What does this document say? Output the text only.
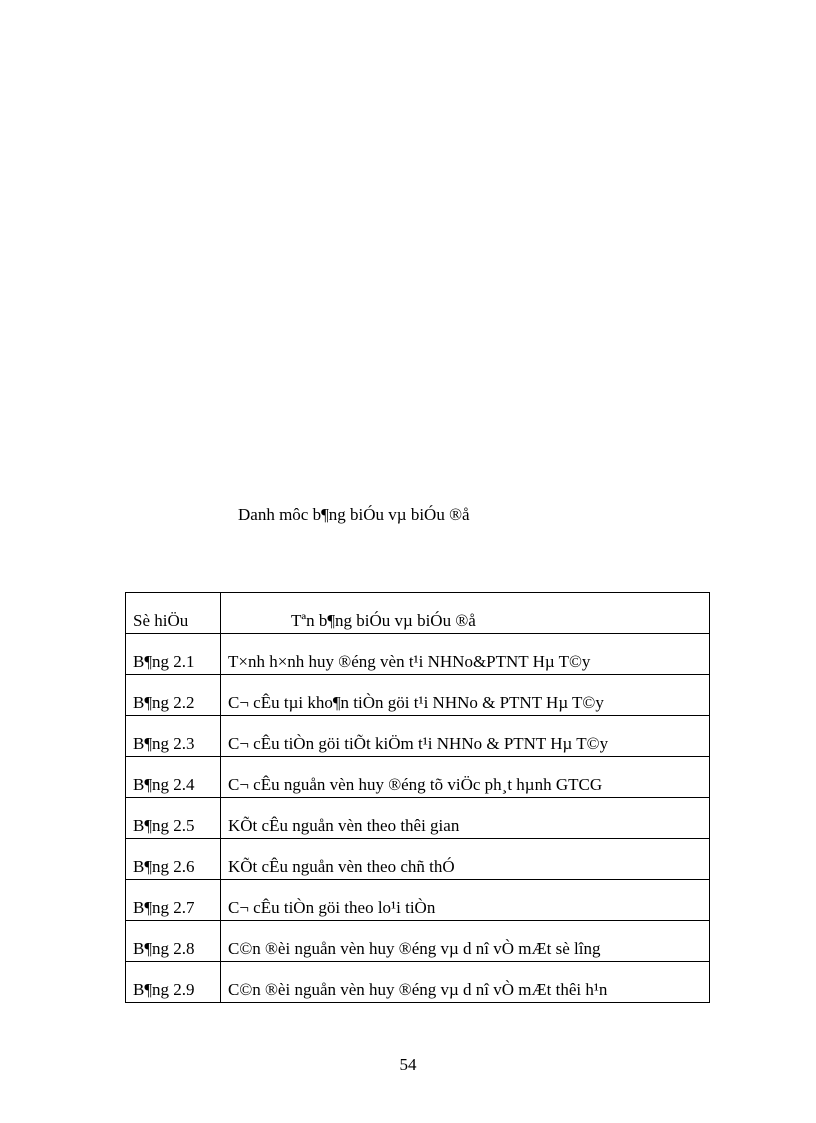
Danh môc b¶ng biÓu vµ biÓu ®å
Sè hiÖu	Tªn b¶ng biÓu vµ biÓu ®å
B¶ng 2.1	T×nh h×nh huy ®éng vèn t¹i NHNo&PTNT Hµ T©y
B¶ng 2.2	C¬ cÊu tµi kho¶n tiÒn göi t¹i NHNo & PTNT Hµ T©y
B¶ng 2.3	C¬ cÊu tiÒn göi tiÕt kiÖm t¹i NHNo & PTNT Hµ T©y
B¶ng 2.4	C¬ cÊu nguån vèn huy ®éng tõ viÖc ph¸t hµnh GTCG
B¶ng 2.5	KÕt cÊu nguån vèn theo thêi gian
B¶ng 2.6	KÕt cÊu nguån vèn theo chñ thÓ
B¶ng 2.7	C¬ cÊu tiÒn göi theo lo¹i tiÒn
B¶ng 2.8	C©n ®èi nguån vèn huy ®éng vµ d nî vÒ mÆt sè lîng
B¶ng 2.9	C©n ®èi nguån vèn huy ®éng vµ d nî vÒ mÆt thêi h¹n
54
